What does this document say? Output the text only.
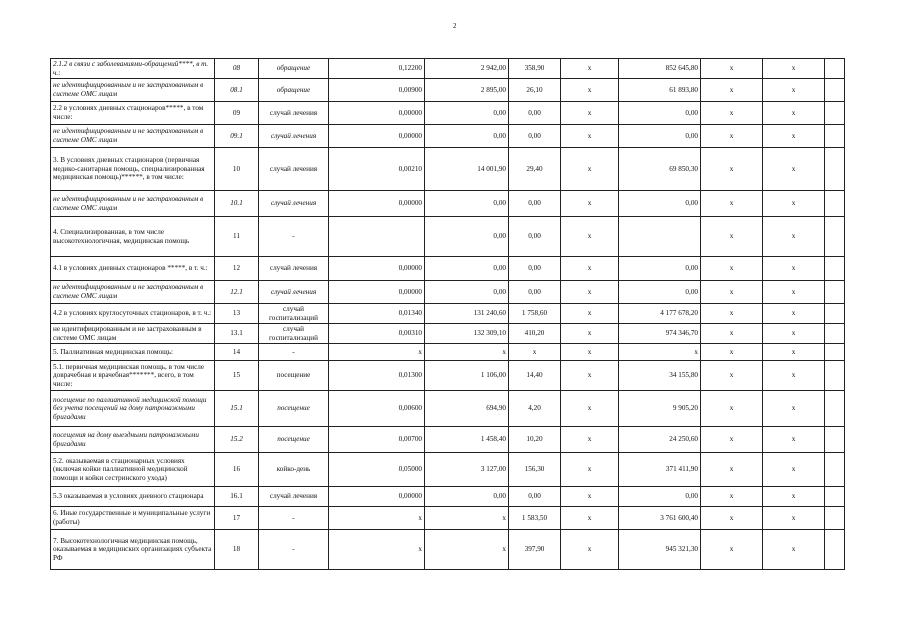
2
2.1.2 в связи с заболеваниями-обращений****, в т. ч.:	08	обращение	0,12200	2 942,00	358,90	x	852 645,80	x	x	
не идентифицированным и не застрахованным в системе ОМС лицам	08.1	обращение	0,00900	2 895,00	26,10	x	61 893,80	x	x	
2.2 в условиях дневных стационаров*****, в том числе:	09	случай лечения	0,00000	0,00	0,00	x	0,00	x	x	
не идентифицированным и не застрахованным в системе ОМС лицам	09.1	случай лечения	0,00000	0,00	0,00	x	0,00	x	x	
3. В условиях дневных стационаров (первичная медико-санитарная помощь, специализированная медицинская помощь)******, в том числе:	10	случай лечения	0,00210	14 001,90	29,40	x	69 850,30	x	x	
не идентифицированным и не застрахованным в системе ОМС лицам	10.1	случай лечения	0,00000	0,00	0,00	x	0,00	x	x	
4. Специализированная, в том числе высокотехнологичная, медицинская помощь	11	-		0,00	0,00	x		x	x	
4.1 в условиях дневных стационаров *****, в т. ч.:	12	случай лечения	0,00000	0,00	0,00	x	0,00	x	x	
не идентифицированным и не застрахованным в системе ОМС лицам	12.1	случай лечения	0,00000	0,00	0,00	x	0,00	x	x	
4.2 в условиях круглосуточных стационаров, в т. ч.:	13	случай госпитализаций	0,01340	131 240,60	1 758,60	x	4 177 678,20	x	x	
не идентифицированным и не застрахованным в системе ОМС лицам	13.1	случай госпитализаций	0,00310	132 309,10	410,20	x	974 346,70	x	x	
5. Паллиативная медицинская помощь:	14	-	x	x	x	x	x	x	x	
5.1. первичная медицинская помощь, в том числе доврачебная и врачебная*******, всего, в том числе:	15	посещение	0,01300	1 106,00	14,40	x	34 155,80	x	x	
посещение по паллиативной медицинской помощи без учета посещений на дому патронажными бригадами	15.1	посещение	0,00600	694,90	4,20	x	9 905,20	x	x	
посещения на дому выездными патронажными бригадами	15.2	посещение	0,00700	1 458,40	10,20	x	24 250,60	x	x	
5.2. оказываемая в стационарных условиях (включая койки паллиативной медицинской помощи и койки сестринского ухода)	16	койко-день	0,05000	3 127,00	156,30	x	371 411,90	x	x	
5.3 оказываемая в условиях дневного стационара	16.1	случай лечения	0,00000	0,00	0,00	x	0,00	x	x	
6. Иные государственные и муниципальные услуги (работы)	17	-	x	x	1 583,50	x	3 761 600,40	x	x	
7. Высокотехнологичная медицинская помощь, оказываемая в медицинских организациях субъекта РФ	18	-	x	x	397,90	x	945 321,30	x	x	
